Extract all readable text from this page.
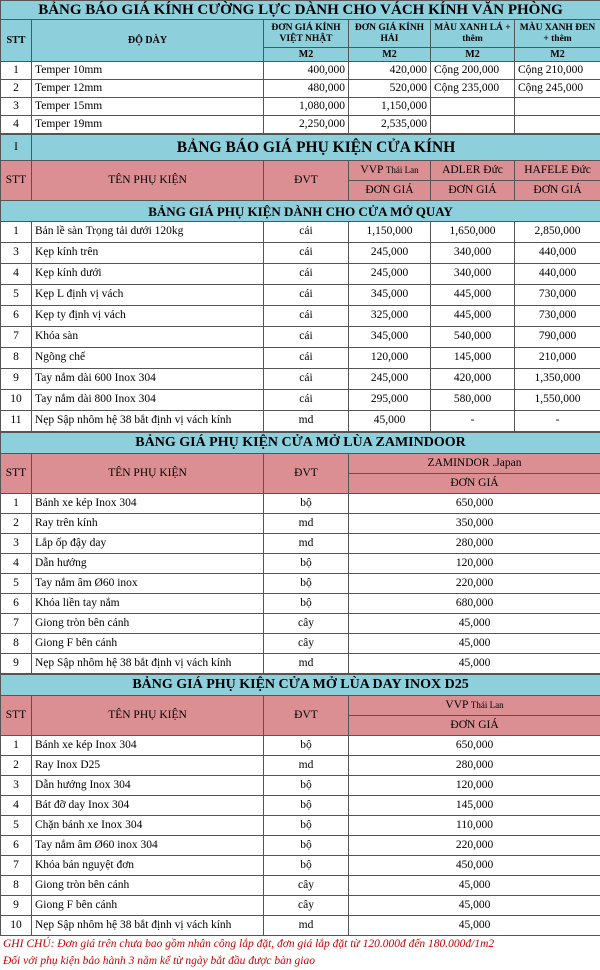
BẢNG BÁO GIÁ KÍNH CƯỜNG LỰC DÀNH CHO VÁCH KÍNH VĂN PHÒNG					
STT	ĐỘ DÀY	ĐƠN GIÁ KÍNH VIỆT NHẬT	ĐƠN GIÁ KÍNH HẢI	MÀU XANH LÁ + thêm	MÀU XANH ĐEN + thêm
		M2	M2	M2	M2
1	Temper 10mm	400,000	420,000	Cộng 200,000	Cộng 210,000
2	Temper 12mm	480,000	520,000	Cộng 235,000	Cộng 245,000
3	Temper 15mm	1,080,000	1,150,000		
4	Temper 19mm	2,250,000	2,535,000		
I	BẢNG BÁO GIÁ PHỤ KIỆN CỬA KÍNH				
STT	TÊN PHỤ KIỆN	ĐVT	VVP Thái Lan	ADLER Đức	HAFELE Đức
			ĐƠN GIÁ	ĐƠN GIÁ	ĐƠN GIÁ
BẢNG GIÁ PHỤ KIỆN DÀNH CHO CỬA MỞ QUAY					
1	Bản lề sàn Trọng tải dưới 120kg	cái	1,150,000	1,650,000	2,850,000
3	Kẹp kính trên	cái	245,000	340,000	440,000
4	Kẹp kính dưới	cái	245,000	340,000	440,000
5	Kẹp L định vị vách	cái	345,000	445,000	730,000
6	Kẹp ty định vị vách	cái	325,000	445,000	730,000
7	Khóa sàn	cái	345,000	540,000	790,000
8	Ngõng chế	cái	120,000	145,000	210,000
9	Tay nắm dài 600 Inox 304	cái	245,000	420,000	1,350,000
10	Tay nắm dài 800 Inox 304	cái	295,000	580,000	1,550,000
11	Nẹp Sập nhôm hệ 38 bắt định vị vách kính	md	45,000	-	-
BẢNG GIÁ PHỤ KIỆN CỬA MỞ LÙA ZAMINDOOR			
STT	TÊN PHỤ KIỆN	ĐVT	ZAMINDOR .Japan
			ĐƠN GIÁ
1	Bánh xe kép Inox 304	bộ	650,000
2	Ray trên kính	md	350,000
3	Lắp ốp đậy day	md	280,000
4	Dẫn hướng	bộ	120,000
5	Tay nắm âm Ø60 inox	bộ	220,000
6	Khóa liền tay nắm	bộ	680,000
7	Giong tròn bên cánh	cây	45,000
8	Giong F bên cánh	cây	45,000
9	Nẹp Sập nhôm hệ 38 bắt định vị vách kính	md	45,000
BẢNG GIÁ PHỤ KIỆN CỬA MỞ LÙA DAY INOX D25			
STT	TÊN PHỤ KIỆN	ĐVT	VVP Thái Lan
			ĐƠN GIÁ
1	Bánh xe kép Inox 304	bộ	650,000
2	Ray Inox D25	md	280,000
3	Dẫn hướng Inox 304	bộ	120,000
4	Bát đỡ day Inox 304	bộ	145,000
5	Chặn bánh xe Inox 304	bộ	110,000
6	Tay nắm âm Ø60 inox 304	bộ	220,000
7	Khóa bán nguyệt đơn	bộ	450,000
8	Giong tròn bên cánh	cây	45,000
9	Giong F bên cánh	cây	45,000
10	Nẹp Sập nhôm hệ 38 bắt định vị vách kính	md	45,000
GHI CHÚ: Đơn giá trên chưa bao gồm nhân công lắp đặt, đơn giá lắp đặt từ 120.000đ đến 180.000đ/1m2
Đối với phụ kiện bảo hành 3 năm kể từ ngày bắt đầu được bàn giao
